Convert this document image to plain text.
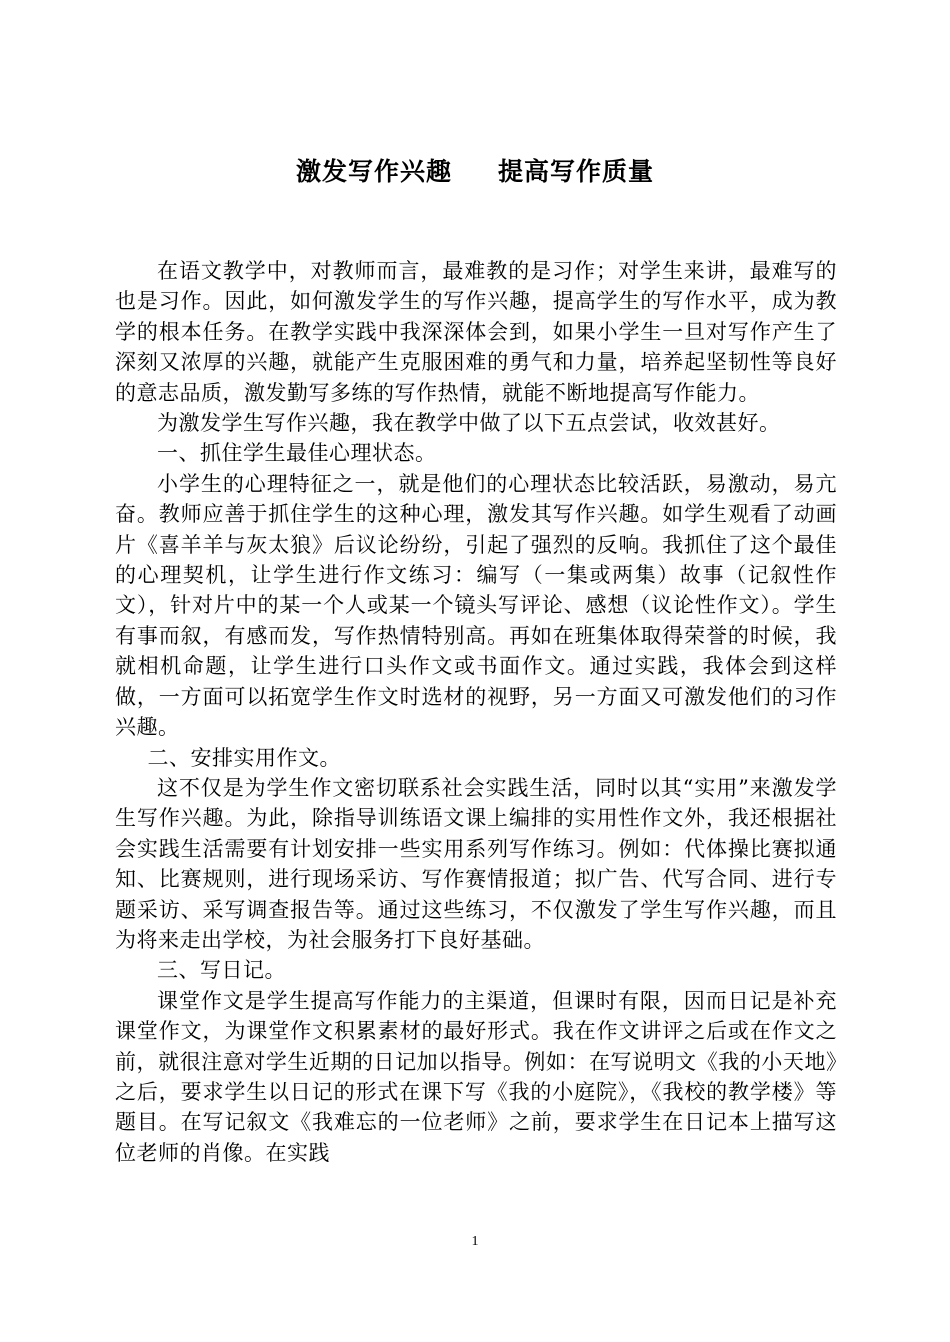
激发写作兴趣 提高写作质量

在语文教学中，对教师而言，最难教的是习作；对学生来讲，最难写的也是习作。因此，如何激发学生的写作兴趣，提高学生的写作水平，成为教学的根本任务。在教学实践中我深深体会到，如果小学生一旦对写作产生了深刻又浓厚的兴趣，就能产生克服困难的勇气和力量，培养起坚韧性等良好的意志品质，激发勤写多练的写作热情，就能不断地提高写作能力。

为激发学生写作兴趣，我在教学中做了以下五点尝试，收效甚好。

一、抓住学生最佳心理状态。

小学生的心理特征之一，就是他们的心理状态比较活跃，易激动，易亢奋。教师应善于抓住学生的这种心理，激发其写作兴趣。如学生观看了动画片《喜羊羊与灰太狼》后议论纷纷，引起了强烈的反响。我抓住了这个最佳的心理契机，让学生进行作文练习：编写（一集或两集）故事（记叙性作文），针对片中的某一个人或某一个镜头写评论、感想（议论性作文）。学生有事而叙，有感而发，写作热情特别高。再如在班集体取得荣誉的时候，我就相机命题，让学生进行口头作文或书面作文。通过实践，我体会到这样做，一方面可以拓宽学生作文时选材的视野，另一方面又可激发他们的习作兴趣。

二、安排实用作文。

这不仅是为学生作文密切联系社会实践生活，同时以其“实用”来激发学生写作兴趣。为此，除指导训练语文课上编排的实用性作文外，我还根据社会实践生活需要有计划安排一些实用系列写作练习。例如：代体操比赛拟通知、比赛规则，进行现场采访、写作赛情报道；拟广告、代写合同、进行专题采访、采写调查报告等。通过这些练习，不仅激发了学生写作兴趣，而且为将来走出学校，为社会服务打下良好基础。

三、写日记。

课堂作文是学生提高写作能力的主渠道，但课时有限，因而日记是补充课堂作文，为课堂作文积累素材的最好形式。我在作文讲评之后或在作文之前，就很注意对学生近期的日记加以指导。例如：在写说明文《我的小天地》之后，要求学生以日记的形式在课下写《我的小庭院》，《我校的教学楼》等题目。在写记叙文《我难忘的一位老师》之前，要求学生在日记本上描写这位老师的肖像。在实践

1
